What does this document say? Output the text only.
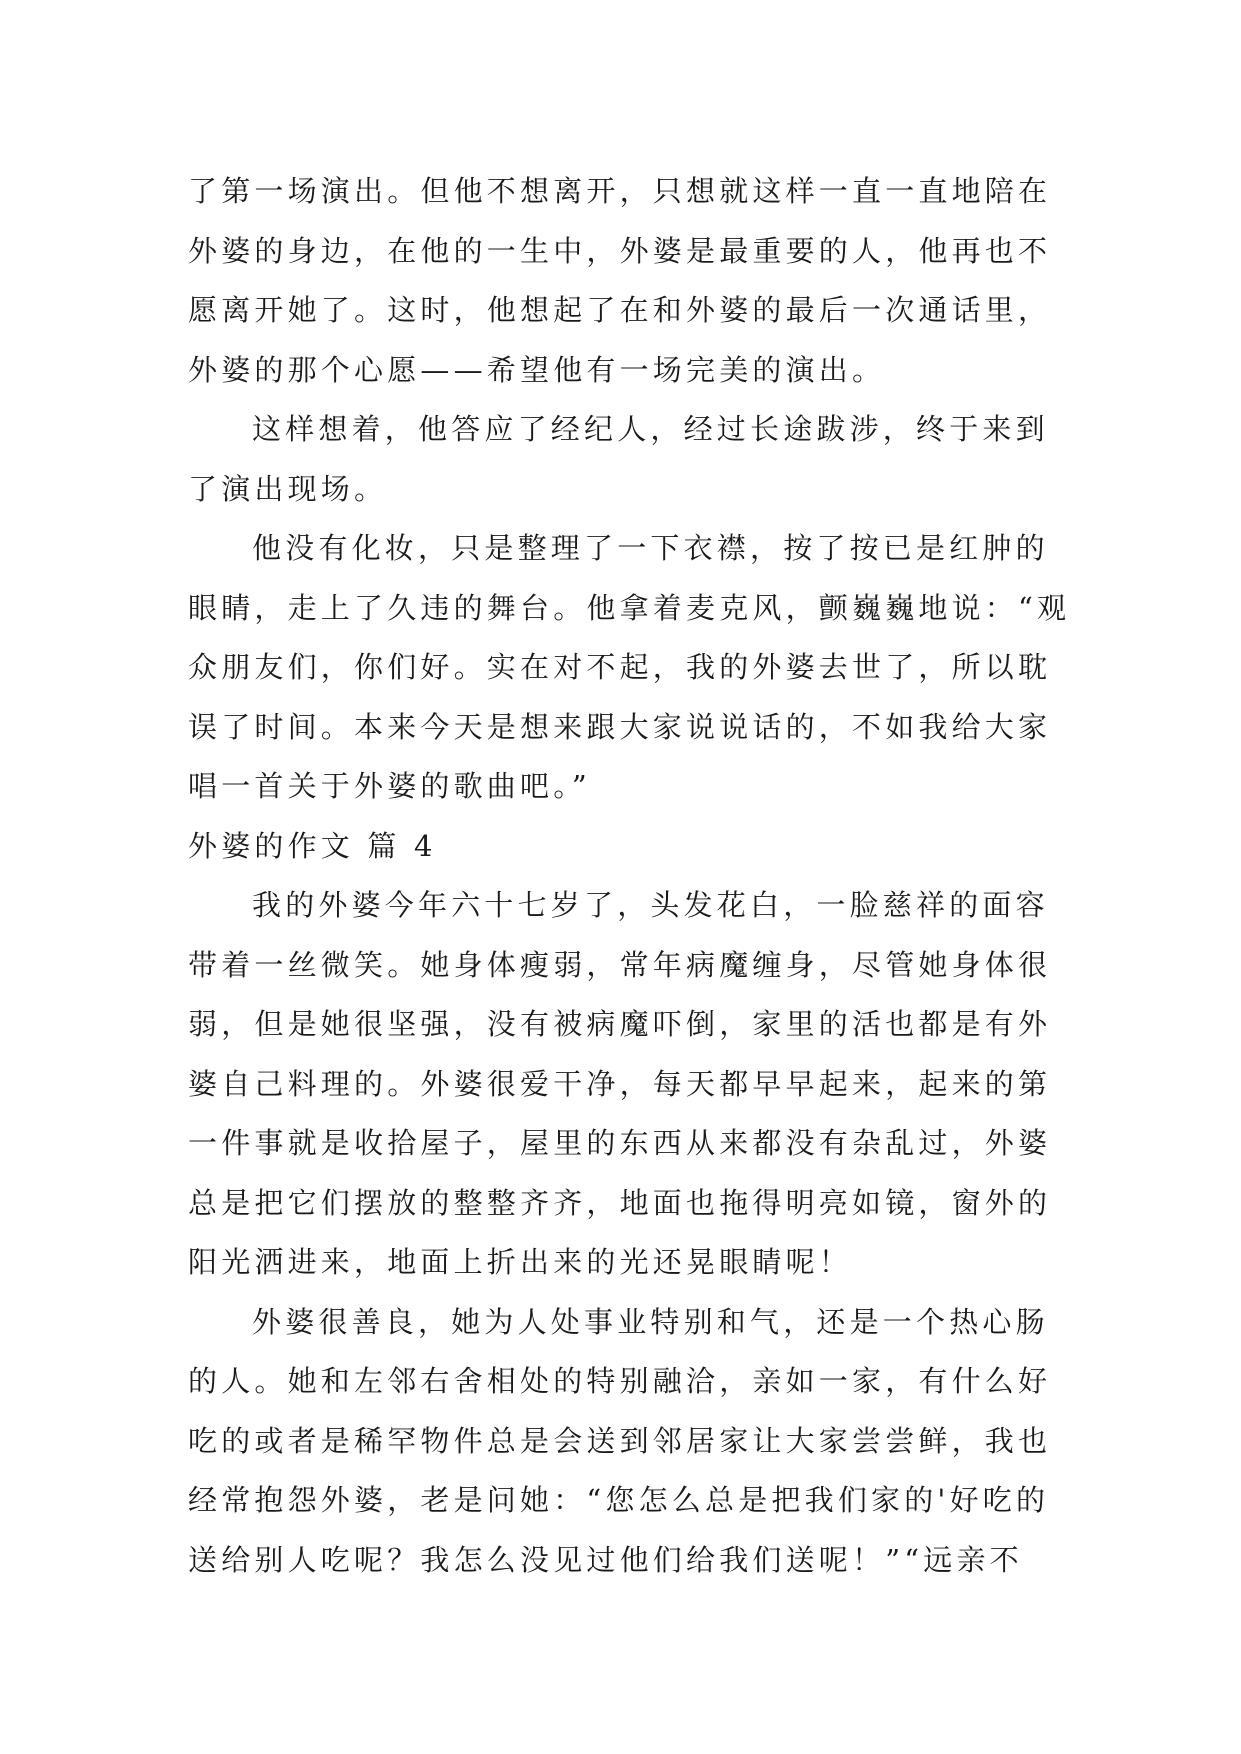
了第一场演出。但他不想离开，只想就这样一直一直地陪在

外婆的身边，在他的一生中，外婆是最重要的人，他再也不

愿离开她了。这时，他想起了在和外婆的最后一次通话里，

外婆的那个心愿——希望他有一场完美的演出。

这样想着，他答应了经纪人，经过长途跋涉，终于来到

了演出现场。

他没有化妆，只是整理了一下衣襟，按了按已是红肿的

眼睛，走上了久违的舞台。他拿着麦克风，颤巍巍地说：“观

众朋友们，你们好。实在对不起，我的外婆去世了，所以耽

误了时间。本来今天是想来跟大家说说话的，不如我给大家

唱一首关于外婆的歌曲吧。”

外婆的作文 篇 4

我的外婆今年六十七岁了，头发花白，一脸慈祥的面容

带着一丝微笑。她身体瘦弱，常年病魔缠身，尽管她身体很

弱，但是她很坚强，没有被病魔吓倒，家里的活也都是有外

婆自己料理的。外婆很爱干净，每天都早早起来，起来的第

一件事就是收拾屋子，屋里的东西从来都没有杂乱过，外婆

总是把它们摆放的整整齐齐，地面也拖得明亮如镜，窗外的

阳光洒进来，地面上折出来的光还晃眼睛呢！

外婆很善良，她为人处事业特别和气，还是一个热心肠

的人。她和左邻右舍相处的特别融洽，亲如一家，有什么好

吃的或者是稀罕物件总是会送到邻居家让大家尝尝鲜，我也

经常抱怨外婆，老是问她：“您怎么总是把我们家的'好吃的

送给别人吃呢？我怎么没见过他们给我们送呢！”“远亲不
